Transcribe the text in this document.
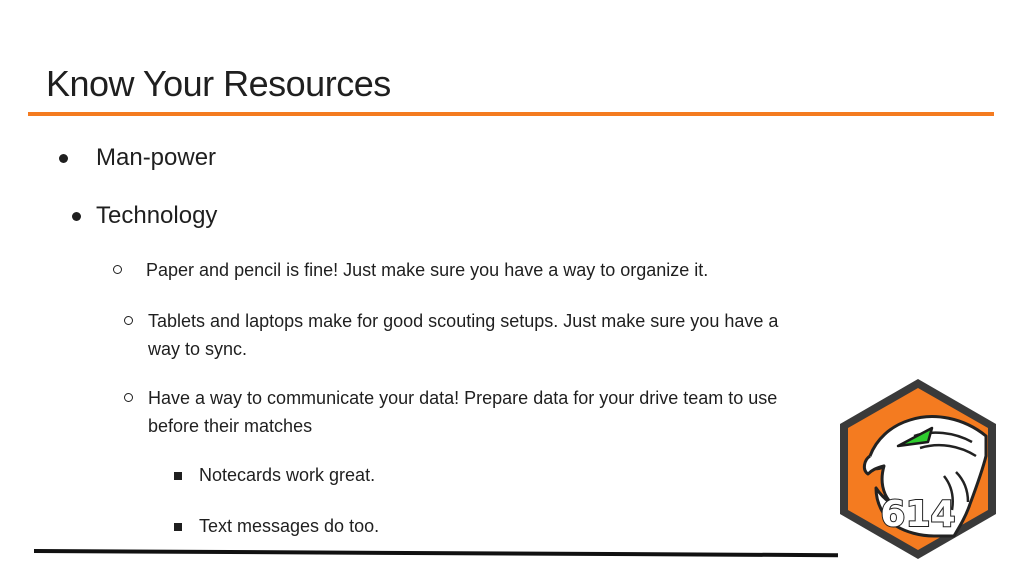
Know Your Resources
Man-power
Technology
Paper and pencil is fine! Just make sure you have a way to organize it.
Tablets and laptops make for good scouting setups. Just make sure you have a
way to sync.
Have a way to communicate your data! Prepare data for your drive team to use
before their matches
Notecards work great.
Text messages do too.	614
